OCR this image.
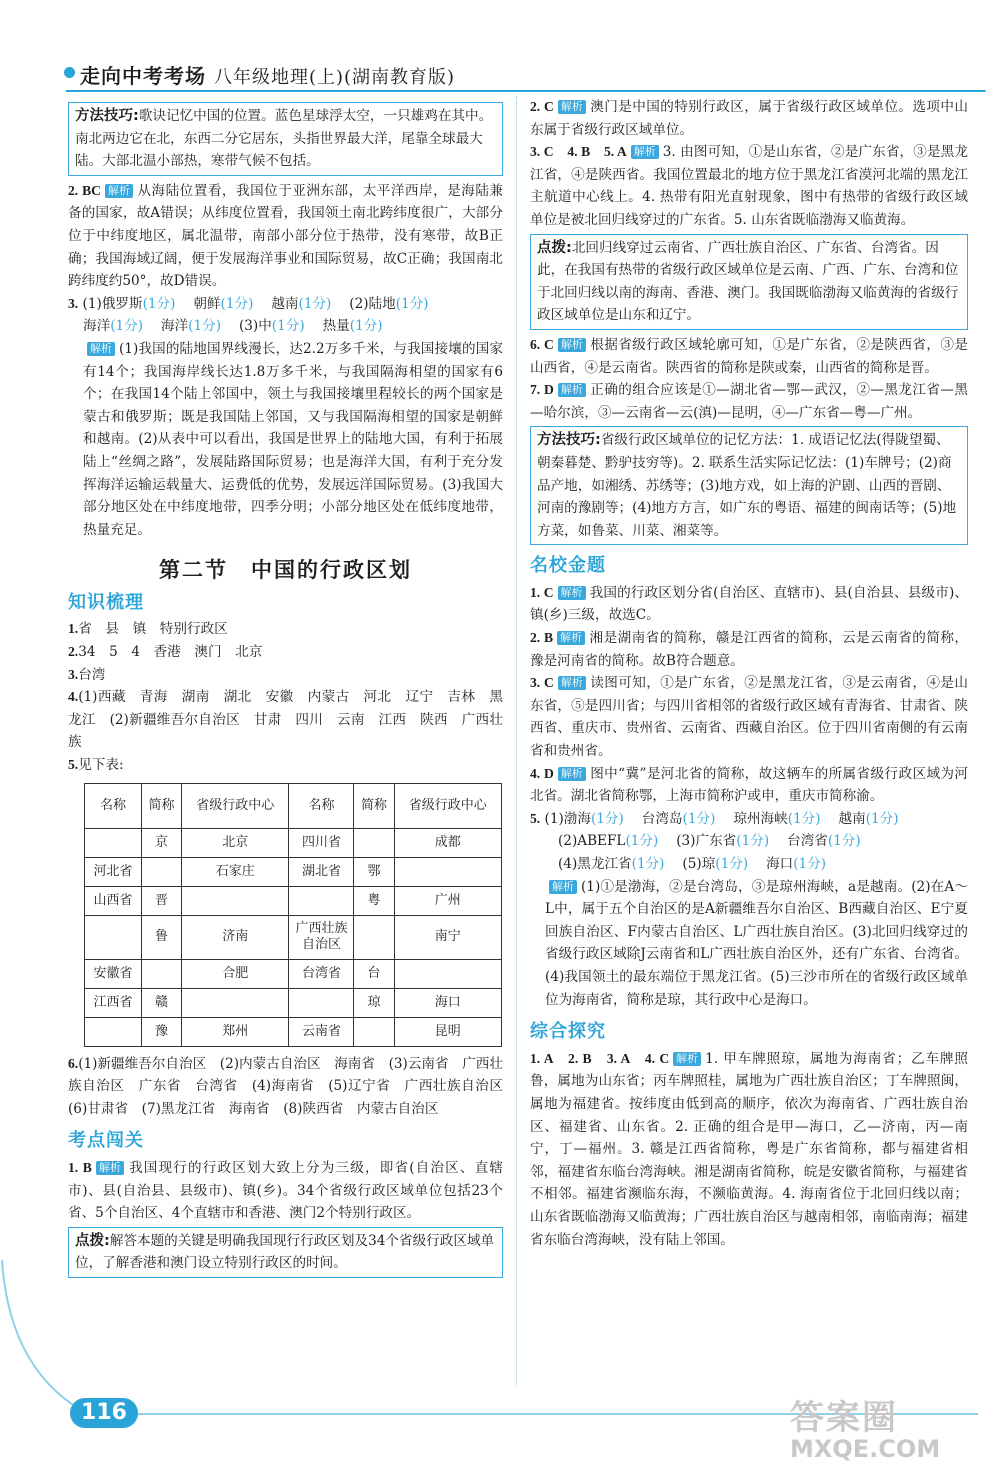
走向中考考场 八年级地理(上)(湖南教育版)
方法技巧:歌诀记忆中国的位置。蓝色星球浮太空，一只雄鸡在其中。南北两边它在北，东西二分它居东，头指世界最大洋，尾靠全球最大陆。大部北温小部热，寒带气候不包括。
2. BC 解析 从海陆位置看，我国位于亚洲东部，太平洋西岸，是海陆兼备的国家，故A错误；从纬度位置看，我国领土南北跨纬度很广，大部分位于中纬度地区，属北温带，南部小部分位于热带，没有寒带，故B正确；我国海域辽阔，便于发展海洋事业和国际贸易，故C正确；我国南北跨纬度约50°，故D错误。

3. (1)俄罗斯(1分)　 朝鲜(1分)　 越南(1分)　 (2)陆地(1分)

海洋(1分)　 海洋(1分)　 (3)中(1分)　 热量(1分)

解析 (1)我国的陆地国界线漫长，达2.2万多千米，与我国接壤的国家有14个；我国海岸线长达1.8万多千米，与我国隔海相望的国家有6个；在我国14个陆上邻国中，领土与我国接壤里程较长的两个国家是蒙古和俄罗斯；既是我国陆上邻国，又与我国隔海相望的国家是朝鲜和越南。(2)从表中可以看出，我国是世界上的陆地大国，有利于拓展陆上“丝绸之路”，发展陆路国际贸易；也是海洋大国，有利于充分发挥海洋运输运载量大、运费低的优势，发展远洋国际贸易。(3)我国大部分地区处在中纬度地带，四季分明；小部分地区处在低纬度地带，热量充足。

第二节　中国的行政区划
知识梳理
1.省　县　镇　特别行政区
2.34　5　4　香港　澳门　北京
3.台湾
4.(1)西藏　青海　湖南　湖北　安徽　内蒙古　河北　辽宁　吉林　黑龙江　(2)新疆维吾尔自治区　甘肃　四川　云南　江西　陕西　广西壮族
5.见下表:
名称	简称	省级行政中心	名称	简称	省级行政中心
	京	北京	四川省		成都
河北省		石家庄	湖北省	鄂	
山西省	晋			粤	广州
	鲁	济南	广西壮族自治区		南宁
安徽省		合肥	台湾省	台	
江西省	赣			琼	海口
	豫	郑州	云南省		昆明
6.(1)新疆维吾尔自治区　(2)内蒙古自治区　海南省　(3)云南省　广西壮族自治区　广东省　台湾省　(4)海南省　(5)辽宁省　广西壮族自治区　(6)甘肃省　(7)黑龙江省　海南省　(8)陕西省　内蒙古自治区
考点闯关
1. B 解析 我国现行的行政区划大致上分为三级，即省(自治区、直辖市)、县(自治县、县级市)、镇(乡)。34个省级行政区域单位包括23个省、5个自治区、4个直辖市和香港、澳门2个特别行政区。
点拨:解答本题的关键是明确我国现行行政区划及34个省级行政区域单位，了解香港和澳门设立特别行政区的时间。
2. C 解析 澳门是中国的特别行政区，属于省级行政区域单位。选项中山东属于省级行政区域单位。
3. C　4. B　5. A 解析 3. 由图可知，①是山东省，②是广东省，③是黑龙江省，④是陕西省。我国位置最北的地方位于黑龙江省漠河北端的黑龙江主航道中心线上。4. 热带有阳光直射现象，图中有热带的省级行政区域单位是被北回归线穿过的广东省。5. 山东省既临渤海又临黄海。
点拨:北回归线穿过云南省、广西壮族自治区、广东省、台湾省。因此，在我国有热带的省级行政区域单位是云南、广西、广东、台湾和位于北回归线以南的海南、香港、澳门。我国既临渤海又临黄海的省级行政区域单位是山东和辽宁。
6. C 解析 根据省级行政区域轮廓可知，①是广东省，②是陕西省，③是山西省，④是云南省。陕西省的简称是陕或秦，山西省的简称是晋。
7. D 解析 正确的组合应该是①—湖北省—鄂—武汉，②—黑龙江省—黑—哈尔滨，③—云南省—云(滇)—昆明，④—广东省—粤—广州。
方法技巧:省级行政区域单位的记忆方法：1. 成语记忆法(得陇望蜀、朝秦暮楚、黔驴技穷等)。2. 联系生活实际记忆法：(1)车牌号；(2)商品产地，如湘绣、苏绣等；(3)地方戏，如上海的沪剧、山西的晋剧、河南的豫剧等；(4)地方方言，如广东的粤语、福建的闽南话等；(5)地方菜，如鲁菜、川菜、湘菜等。
名校金题
1. C 解析 我国的行政区划分省(自治区、直辖市)、县(自治县、县级市)、镇(乡)三级，故选C。
2. B 解析 湘是湖南省的简称，赣是江西省的简称，云是云南省的简称，豫是河南省的简称。故B符合题意。
3. C 解析 读图可知，①是广东省，②是黑龙江省，③是云南省，④是山东省，⑤是四川省；与四川省相邻的省级行政区域有青海省、甘肃省、陕西省、重庆市、贵州省、云南省、西藏自治区。位于四川省南侧的有云南省和贵州省。
4. D 解析 图中“冀”是河北省的简称，故这辆车的所属省级行政区域为河北省。湖北省简称鄂，上海市简称沪或申，重庆市简称渝。

5. (1)渤海(1分)　 台湾岛(1分)　 琼州海峡(1分)　 越南(1分)

(2)ABEFL(1分)　 (3)广东省(1分)　 台湾省(1分)

(4)黑龙江省(1分)　 (5)琼(1分)　 海口(1分)

解析 (1)①是渤海，②是台湾岛，③是琼州海峡，a是越南。(2)在A～L中，属于五个自治区的是A新疆维吾尔自治区、B西藏自治区、E宁夏回族自治区、F内蒙古自治区、L广西壮族自治区。(3)北回归线穿过的省级行政区域除J云南省和L广西壮族自治区外，还有广东省、台湾省。(4)我国领土的最东端位于黑龙江省。(5)三沙市所在的省级行政区域单位为海南省，简称是琼，其行政中心是海口。

综合探究
1. A　2. B　3. A　4. C 解析 1. 甲车牌照琼，属地为海南省；乙车牌照鲁，属地为山东省；丙车牌照桂，属地为广西壮族自治区；丁车牌照闽，属地为福建省。按纬度由低到高的顺序，依次为海南省、广西壮族自治区、福建省、山东省。2. 正确的组合是甲—海口，乙—济南，丙—南宁，丁—福州。3. 赣是江西省简称，粤是广东省简称，都与福建省相邻，福建省东临台湾海峡。湘是湖南省简称，皖是安徽省简称，与福建省不相邻。福建省濒临东海，不濒临黄海。4. 海南省位于北回归线以南；山东省既临渤海又临黄海；广西壮族自治区与越南相邻，南临南海；福建省东临台湾海峡，没有陆上邻国。
116	答案圈
MXQE.COM
